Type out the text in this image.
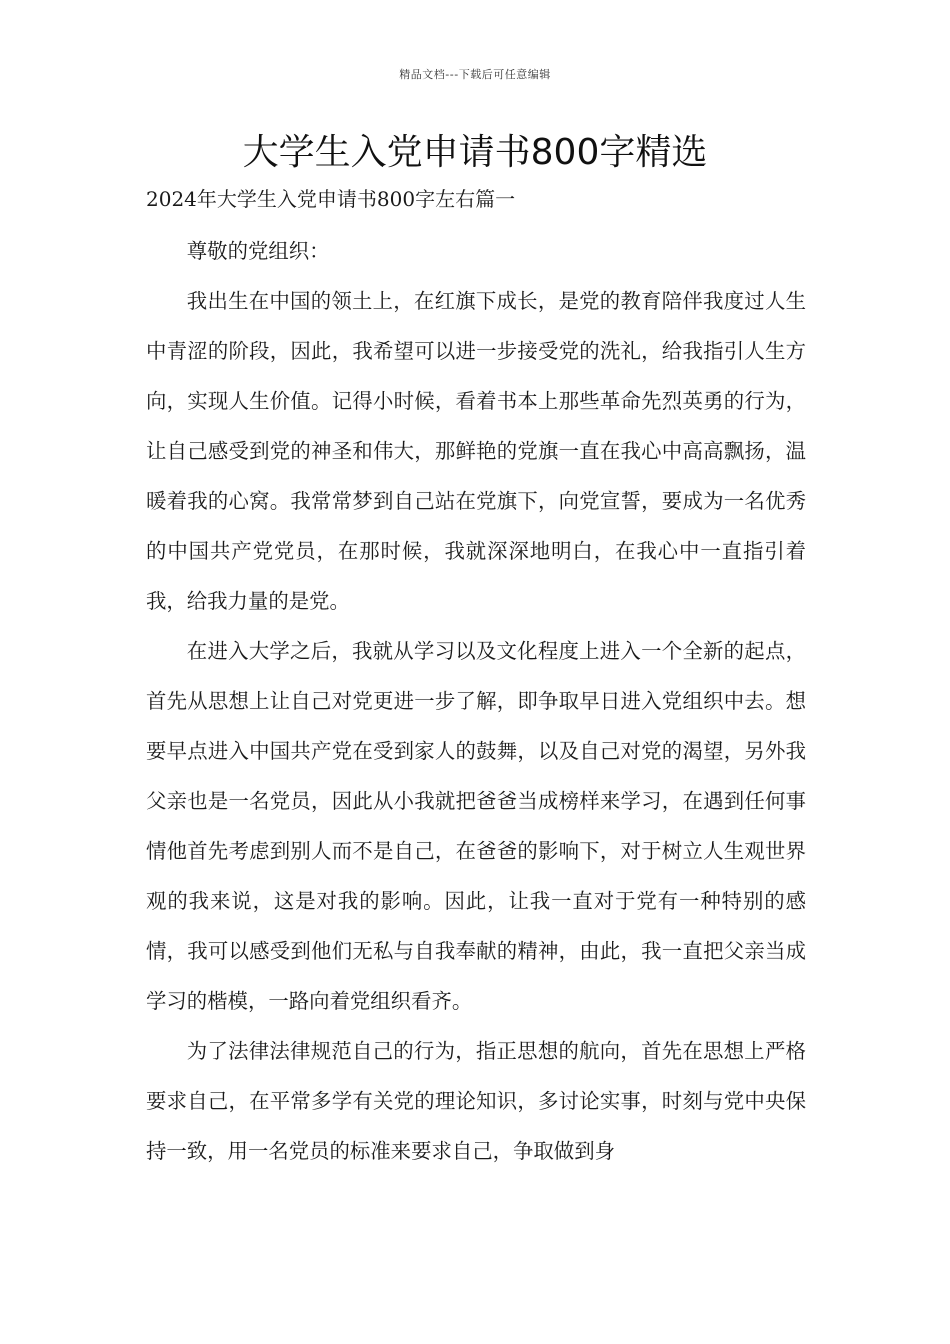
精品文档---下载后可任意编辑
大学生入党申请书800字精选

2024年大学生入党申请书800字左右篇一

尊敬的党组织：

我出生在中国的领土上，在红旗下成长，是党的教育陪伴我度过人生中青涩的阶段，因此，我希望可以进一步接受党的洗礼，给我指引人生方向，实现人生价值。记得小时候，看着书本上那些革命先烈英勇的行为，让自己感受到党的神圣和伟大，那鲜艳的党旗一直在我心中高高飘扬，温暖着我的心窝。我常常梦到自己站在党旗下，向党宣誓，要成为一名优秀的中国共产党党员，在那时候，我就深深地明白，在我心中一直指引着我，给我力量的是党。

在进入大学之后，我就从学习以及文化程度上进入一个全新的起点，首先从思想上让自己对党更进一步了解，即争取早日进入党组织中去。想要早点进入中国共产党在受到家人的鼓舞，以及自己对党的渴望，另外我父亲也是一名党员，因此从小我就把爸爸当成榜样来学习，在遇到任何事情他首先考虑到别人而不是自己，在爸爸的影响下，对于树立人生观世界观的我来说，这是对我的影响。因此，让我一直对于党有一种特别的感情，我可以感受到他们无私与自我奉献的精神，由此，我一直把父亲当成学习的楷模，一路向着党组织看齐。

为了法律法律规范自己的行为，指正思想的航向，首先在思想上严格要求自己，在平常多学有关党的理论知识，多讨论实事，时刻与党中央保持一致，用一名党员的标准来要求自己，争取做到身
